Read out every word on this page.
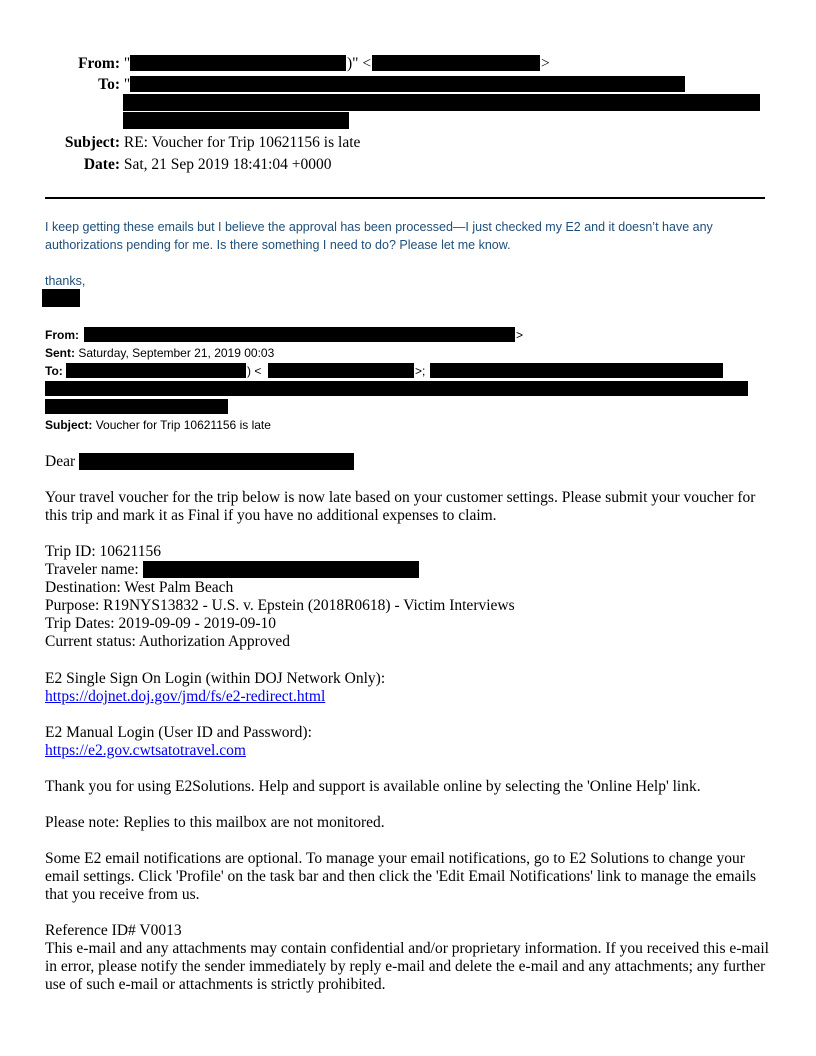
From: "	)" <	>
To: "
Subject: RE: Voucher for Trip 10621156 is late
Date: Sat, 21 Sep 2019 18:41:04 +0000
I keep getting these emails but I believe the approval has been processed—I just checked my E2 and it doesn’t have any
authorizations pending for me. Is there something I need to do? Please let me know.
thanks,
From:	>
Sent: Saturday, September 21, 2019 00:03
To:	) <	>;
Subject: Voucher for Trip 10621156 is late
Dear
Your travel voucher for the trip below is now late based on your customer settings. Please submit your voucher for this trip and mark it as Final if you have no additional expenses to claim.
Trip ID: 10621156
Traveler name:
Destination: West Palm Beach
Purpose: R19NYS13832 - U.S. v. Epstein (2018R0618) - Victim Interviews
Trip Dates: 2019-09-09 - 2019-09-10
Current status: Authorization Approved
E2 Single Sign On Login (within DOJ Network Only):
https://dojnet.doj.gov/jmd/fs/e2-redirect.html
E2 Manual Login (User ID and Password):
https://e2.gov.cwtsatotravel.com
Thank you for using E2Solutions. Help and support is available online by selecting the 'Online Help' link.
Please note: Replies to this mailbox are not monitored.
Some E2 email notifications are optional. To manage your email notifications, go to E2 Solutions to change your email settings. Click 'Profile' on the task bar and then click the 'Edit Email Notifications' link to manage the emails that you receive from us.
Reference ID# V0013
This e-mail and any attachments may contain confidential and/or proprietary information. If you received this e-mail in error, please notify the sender immediately by reply e-mail and delete the e-mail and any attachments; any further use of such e-mail or attachments is strictly prohibited.
